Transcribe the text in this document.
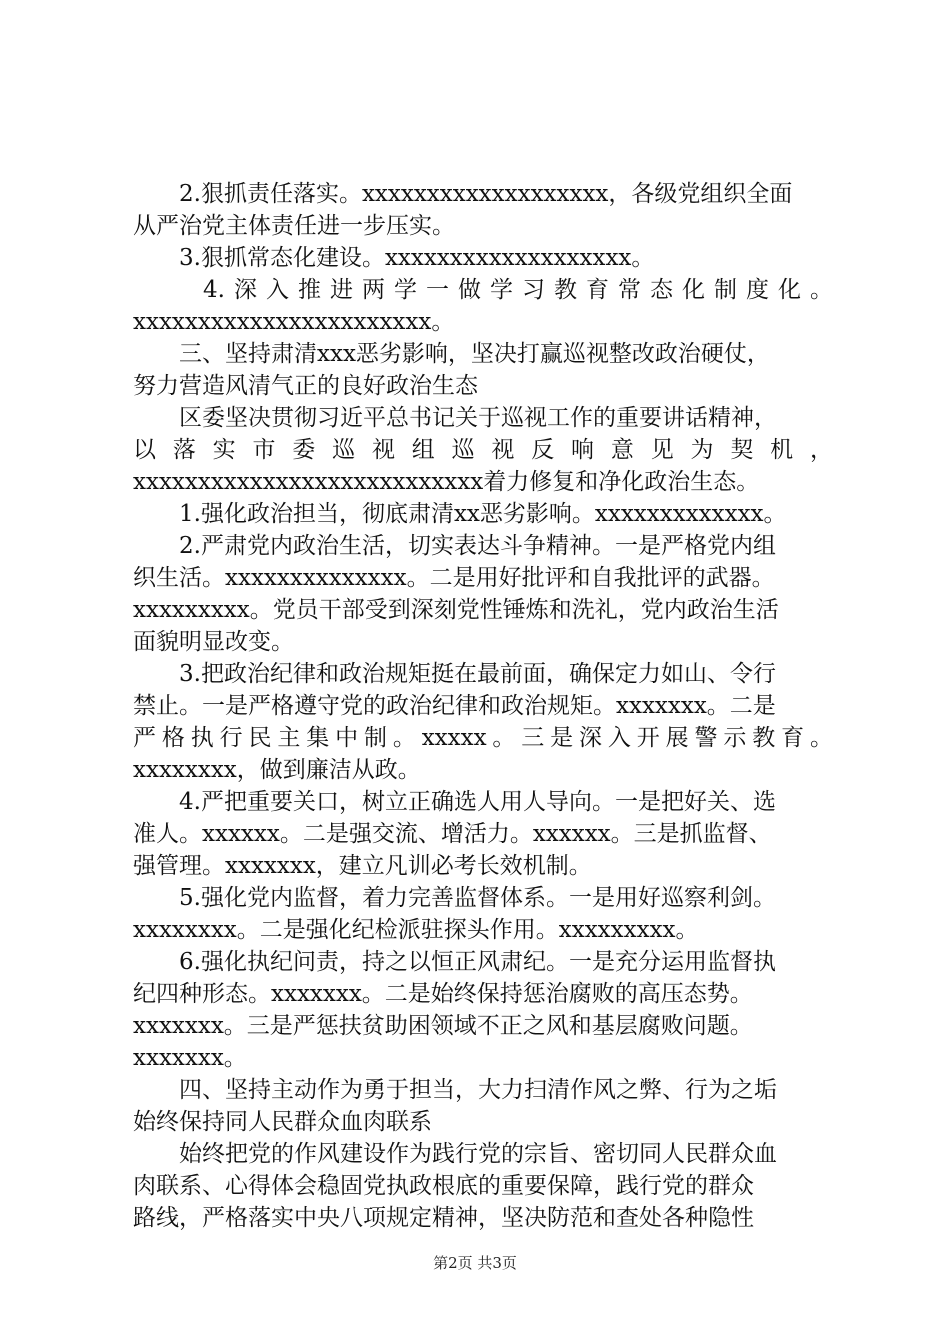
2.狠抓责任落实。xxxxxxxxxxxxxxxxxxx，各级党组织全面
从严治党主体责任进一步压实。
3.狠抓常态化建设。xxxxxxxxxxxxxxxxxxx。
4.深入推进两学一做学习教育常态化制度化。
xxxxxxxxxxxxxxxxxxxxxxx。
三、坚持肃清xxx恶劣影响，坚决打赢巡视整改政治硬仗，
努力营造风清气正的良好政治生态
区委坚决贯彻习近平总书记关于巡视工作的重要讲话精神，
以落实市委巡视组巡视反响意见为契机，
xxxxxxxxxxxxxxxxxxxxxxxxxxx着力修复和净化政治生态。
1.强化政治担当，彻底肃清xx恶劣影响。xxxxxxxxxxxxx。
2.严肃党内政治生活，切实表达斗争精神。一是严格党内组
织生活。xxxxxxxxxxxxxx。二是用好批评和自我批评的武器。
xxxxxxxxx。党员干部受到深刻党性锤炼和洗礼，党内政治生活
面貌明显改变。
3.把政治纪律和政治规矩挺在最前面，确保定力如山、令行
禁止。一是严格遵守党的政治纪律和政治规矩。xxxxxxx。二是
严格执行民主集中制。xxxxx。三是深入开展警示教育。
xxxxxxxx，做到廉洁从政。
4.严把重要关口，树立正确选人用人导向。一是把好关、选
准人。xxxxxx。二是强交流、增活力。xxxxxx。三是抓监督、
强管理。xxxxxxx，建立凡训必考长效机制。
5.强化党内监督，着力完善监督体系。一是用好巡察利剑。
xxxxxxxx。二是强化纪检派驻探头作用。xxxxxxxxx。
6.强化执纪问责，持之以恒正风肃纪。一是充分运用监督执
纪四种形态。xxxxxxx。二是始终保持惩治腐败的高压态势。
xxxxxxx。三是严惩扶贫助困领域不正之风和基层腐败问题。
xxxxxxx。
四、坚持主动作为勇于担当，大力扫清作风之弊、行为之垢
始终保持同人民群众血肉联系
始终把党的作风建设作为践行党的宗旨、密切同人民群众血
肉联系、心得体会稳固党执政根底的重要保障，践行党的群众
路线，严格落实中央八项规定精神，坚决防范和查处各种隐性
第2页 共3页
